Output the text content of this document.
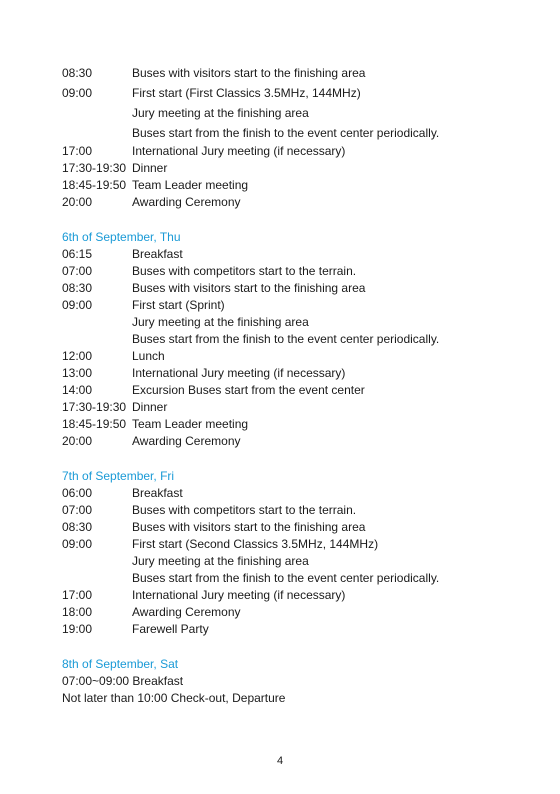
08:30	Buses with visitors start to the finishing area
09:00	First start (First Classics 3.5MHz, 144MHz)
Jury meeting at the finishing area
Buses start from the finish to the event center periodically.
17:00	International Jury meeting (if necessary)
17:30-19:30 Dinner
18:45-19:50 Team Leader meeting
20:00	Awarding Ceremony
6th of September, Thu
06:15	Breakfast
07:00	Buses with competitors start to the terrain.
08:30	Buses with visitors start to the finishing area
09:00	First start (Sprint)
Jury meeting at the finishing area
Buses start from the finish to the event center periodically.
12:00	Lunch
13:00	International Jury meeting (if necessary)
14:00	Excursion Buses start from the event center
17:30-19:30 Dinner
18:45-19:50 Team Leader meeting
20:00	Awarding Ceremony
7th of September, Fri
06:00	Breakfast
07:00	Buses with competitors start to the terrain.
08:30	Buses with visitors start to the finishing area
09:00	First start (Second Classics 3.5MHz, 144MHz)
Jury meeting at the finishing area
Buses start from the finish to the event center periodically.
17:00	International Jury meeting (if necessary)
18:00	Awarding Ceremony
19:00	Farewell Party
8th of September, Sat
07:00~09:00 Breakfast
Not later than 10:00 Check-out, Departure
4
